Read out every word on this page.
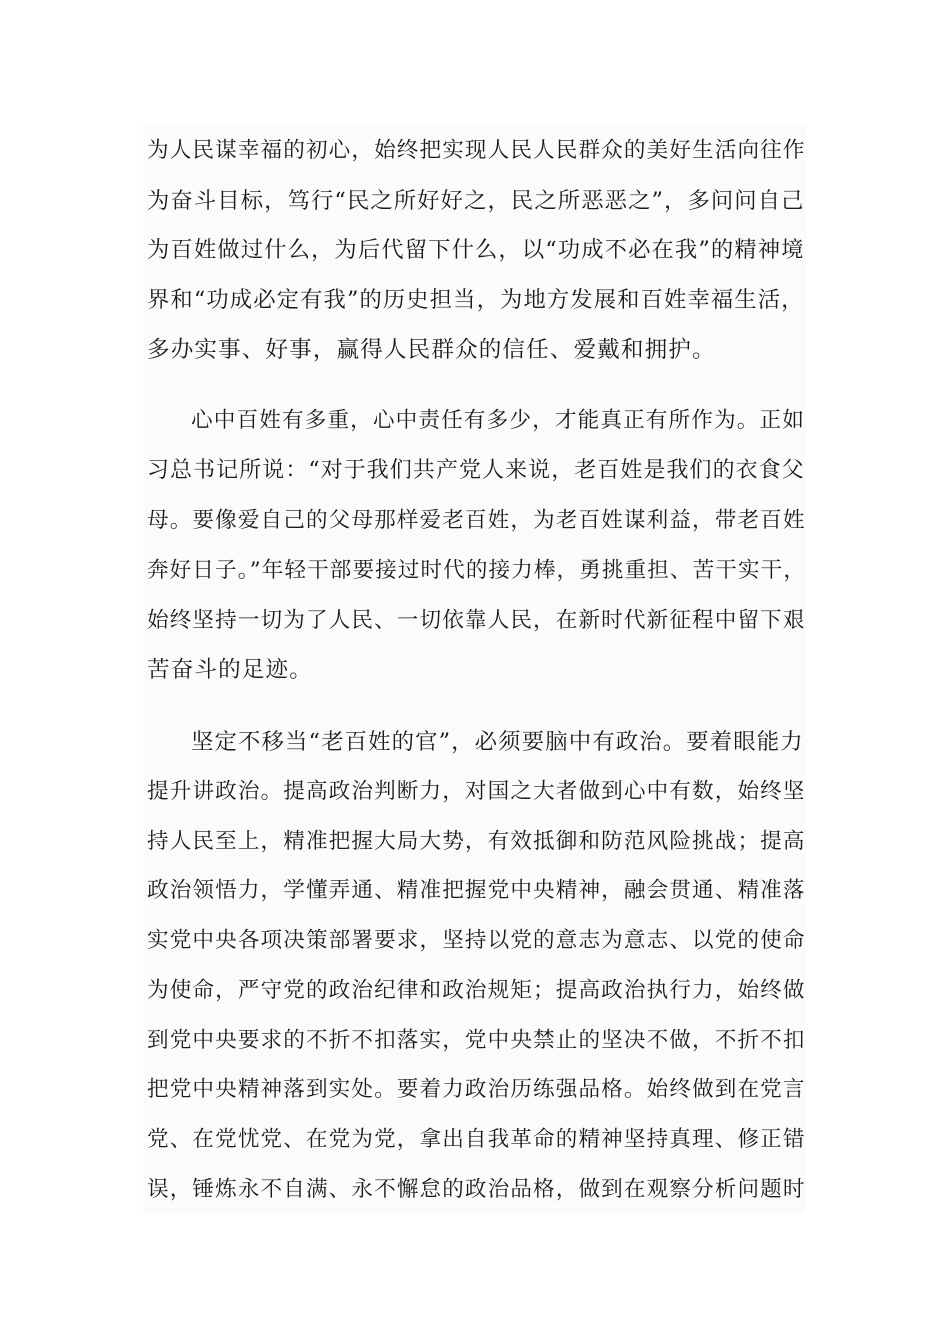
为人民谋幸福的初心，始终把实现人民人民群众的美好生活向往作
为奋斗目标，笃行“民之所好好之，民之所恶恶之”，多问问自己
为百姓做过什么，为后代留下什么，以“功成不必在我”的精神境
界和“功成必定有我”的历史担当，为地方发展和百姓幸福生活，
多办实事、好事，赢得人民群众的信任、爱戴和拥护。
心中百姓有多重，心中责任有多少，才能真正有所作为。正如
习总书记所说：“对于我们共产党人来说，老百姓是我们的衣食父
母。要像爱自己的父母那样爱老百姓，为老百姓谋利益，带老百姓
奔好日子。”年轻干部要接过时代的接力棒，勇挑重担、苦干实干，
始终坚持一切为了人民、一切依靠人民，在新时代新征程中留下艰
苦奋斗的足迹。
坚定不移当“老百姓的官”，必须要脑中有政治。要着眼能力
提升讲政治。提高政治判断力，对国之大者做到心中有数，始终坚
持人民至上，精准把握大局大势，有效抵御和防范风险挑战；提高
政治领悟力，学懂弄通、精准把握党中央精神，融会贯通、精准落
实党中央各项决策部署要求，坚持以党的意志为意志、以党的使命
为使命，严守党的政治纪律和政治规矩；提高政治执行力，始终做
到党中央要求的不折不扣落实，党中央禁止的坚决不做，不折不扣
把党中央精神落到实处。要着力政治历练强品格。始终做到在党言
党、在党忧党、在党为党，拿出自我革命的精神坚持真理、修正错
误，锤炼永不自满、永不懈怠的政治品格，做到在观察分析问题时
